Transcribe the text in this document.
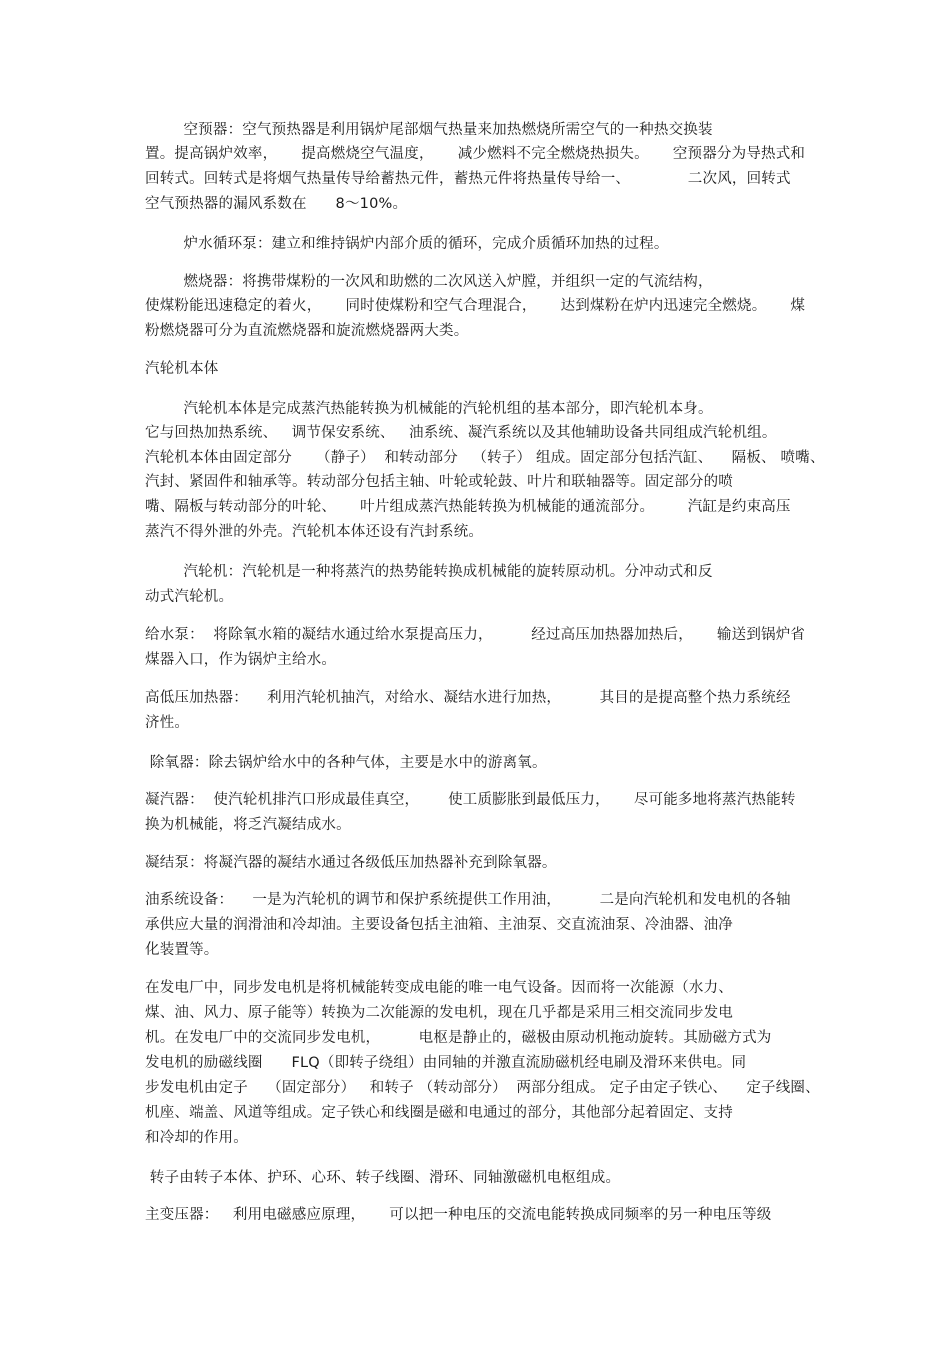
空预器：空气预热器是利用锅炉尾部烟气热量来加热燃烧所需空气的一种热交换装
置。提高锅炉效率，     提高燃烧空气温度，     减少燃料不完全燃烧热损失。     空预器分为导热式和
回转式。回转式是将烟气热量传导给蓄热元件，蓄热元件将热量传导给一、            二次风，回转式
空气预热器的漏风系数在      8～10%。
炉水循环泵：建立和维持锅炉内部介质的循环，完成介质循环加热的过程。
燃烧器：将携带煤粉的一次风和助燃的二次风送入炉膛，并组织一定的气流结构，
使煤粉能迅速稳定的着火，     同时使煤粉和空气合理混合，     达到煤粉在炉内迅速完全燃烧。     煤
粉燃烧器可分为直流燃烧器和旋流燃烧器两大类。
汽轮机本体
汽轮机本体是完成蒸汽热能转换为机械能的汽轮机组的基本部分，即汽轮机本身。
它与回热加热系统、   调节保安系统、   油系统、凝汽系统以及其他辅助设备共同组成汽轮机组。
汽轮机本体由固定部分     （静子）  和转动部分   （转子） 组成。固定部分包括汽缸、    隔板、 喷嘴、
汽封、紧固件和轴承等。转动部分包括主轴、叶轮或轮鼓、叶片和联轴器等。固定部分的喷
嘴、隔板与转动部分的叶轮、     叶片组成蒸汽热能转换为机械能的通流部分。       汽缸是约束高压
蒸汽不得外泄的外壳。汽轮机本体还设有汽封系统。
汽轮机：汽轮机是一种将蒸汽的热势能转换成机械能的旋转原动机。分冲动式和反
动式汽轮机。
给水泵：  将除氧水箱的凝结水通过给水泵提高压力，        经过高压加热器加热后，     输送到锅炉省
煤器入口，作为锅炉主给水。
高低压加热器：    利用汽轮机抽汽，对给水、凝结水进行加热，        其目的是提高整个热力系统经
济性。
除氧器：除去锅炉给水中的各种气体，主要是水中的游离氧。
凝汽器：  使汽轮机排汽口形成最佳真空，      使工质膨胀到最低压力，     尽可能多地将蒸汽热能转
换为机械能，将乏汽凝结成水。
凝结泵：将凝汽器的凝结水通过各级低压加热器补充到除氧器。
油系统设备：    一是为汽轮机的调节和保护系统提供工作用油，        二是向汽轮机和发电机的各轴
承供应大量的润滑油和冷却油。主要设备包括主油箱、主油泵、交直流油泵、冷油器、油净
化装置等。
在发电厂中，同步发电机是将机械能转变成电能的唯一电气设备。因而将一次能源（水力、
煤、油、风力、原子能等）转换为二次能源的发电机，现在几乎都是采用三相交流同步发电
机。在发电厂中的交流同步发电机，        电枢是静止的，磁极由原动机拖动旋转。其励磁方式为
发电机的励磁线圈      FLQ（即转子绕组）由同轴的并激直流励磁机经电刷及滑环来供电。同
步发电机由定子    （固定部分）   和转子 （转动部分）  两部分组成。 定子由定子铁心、    定子线圈、
机座、端盖、风道等组成。定子铁心和线圈是磁和电通过的部分，其他部分起着固定、支持
和冷却的作用。
转子由转子本体、护环、心环、转子线圈、滑环、同轴激磁机电枢组成。
主变压器：   利用电磁感应原理，     可以把一种电压的交流电能转换成同频率的另一种电压等级
